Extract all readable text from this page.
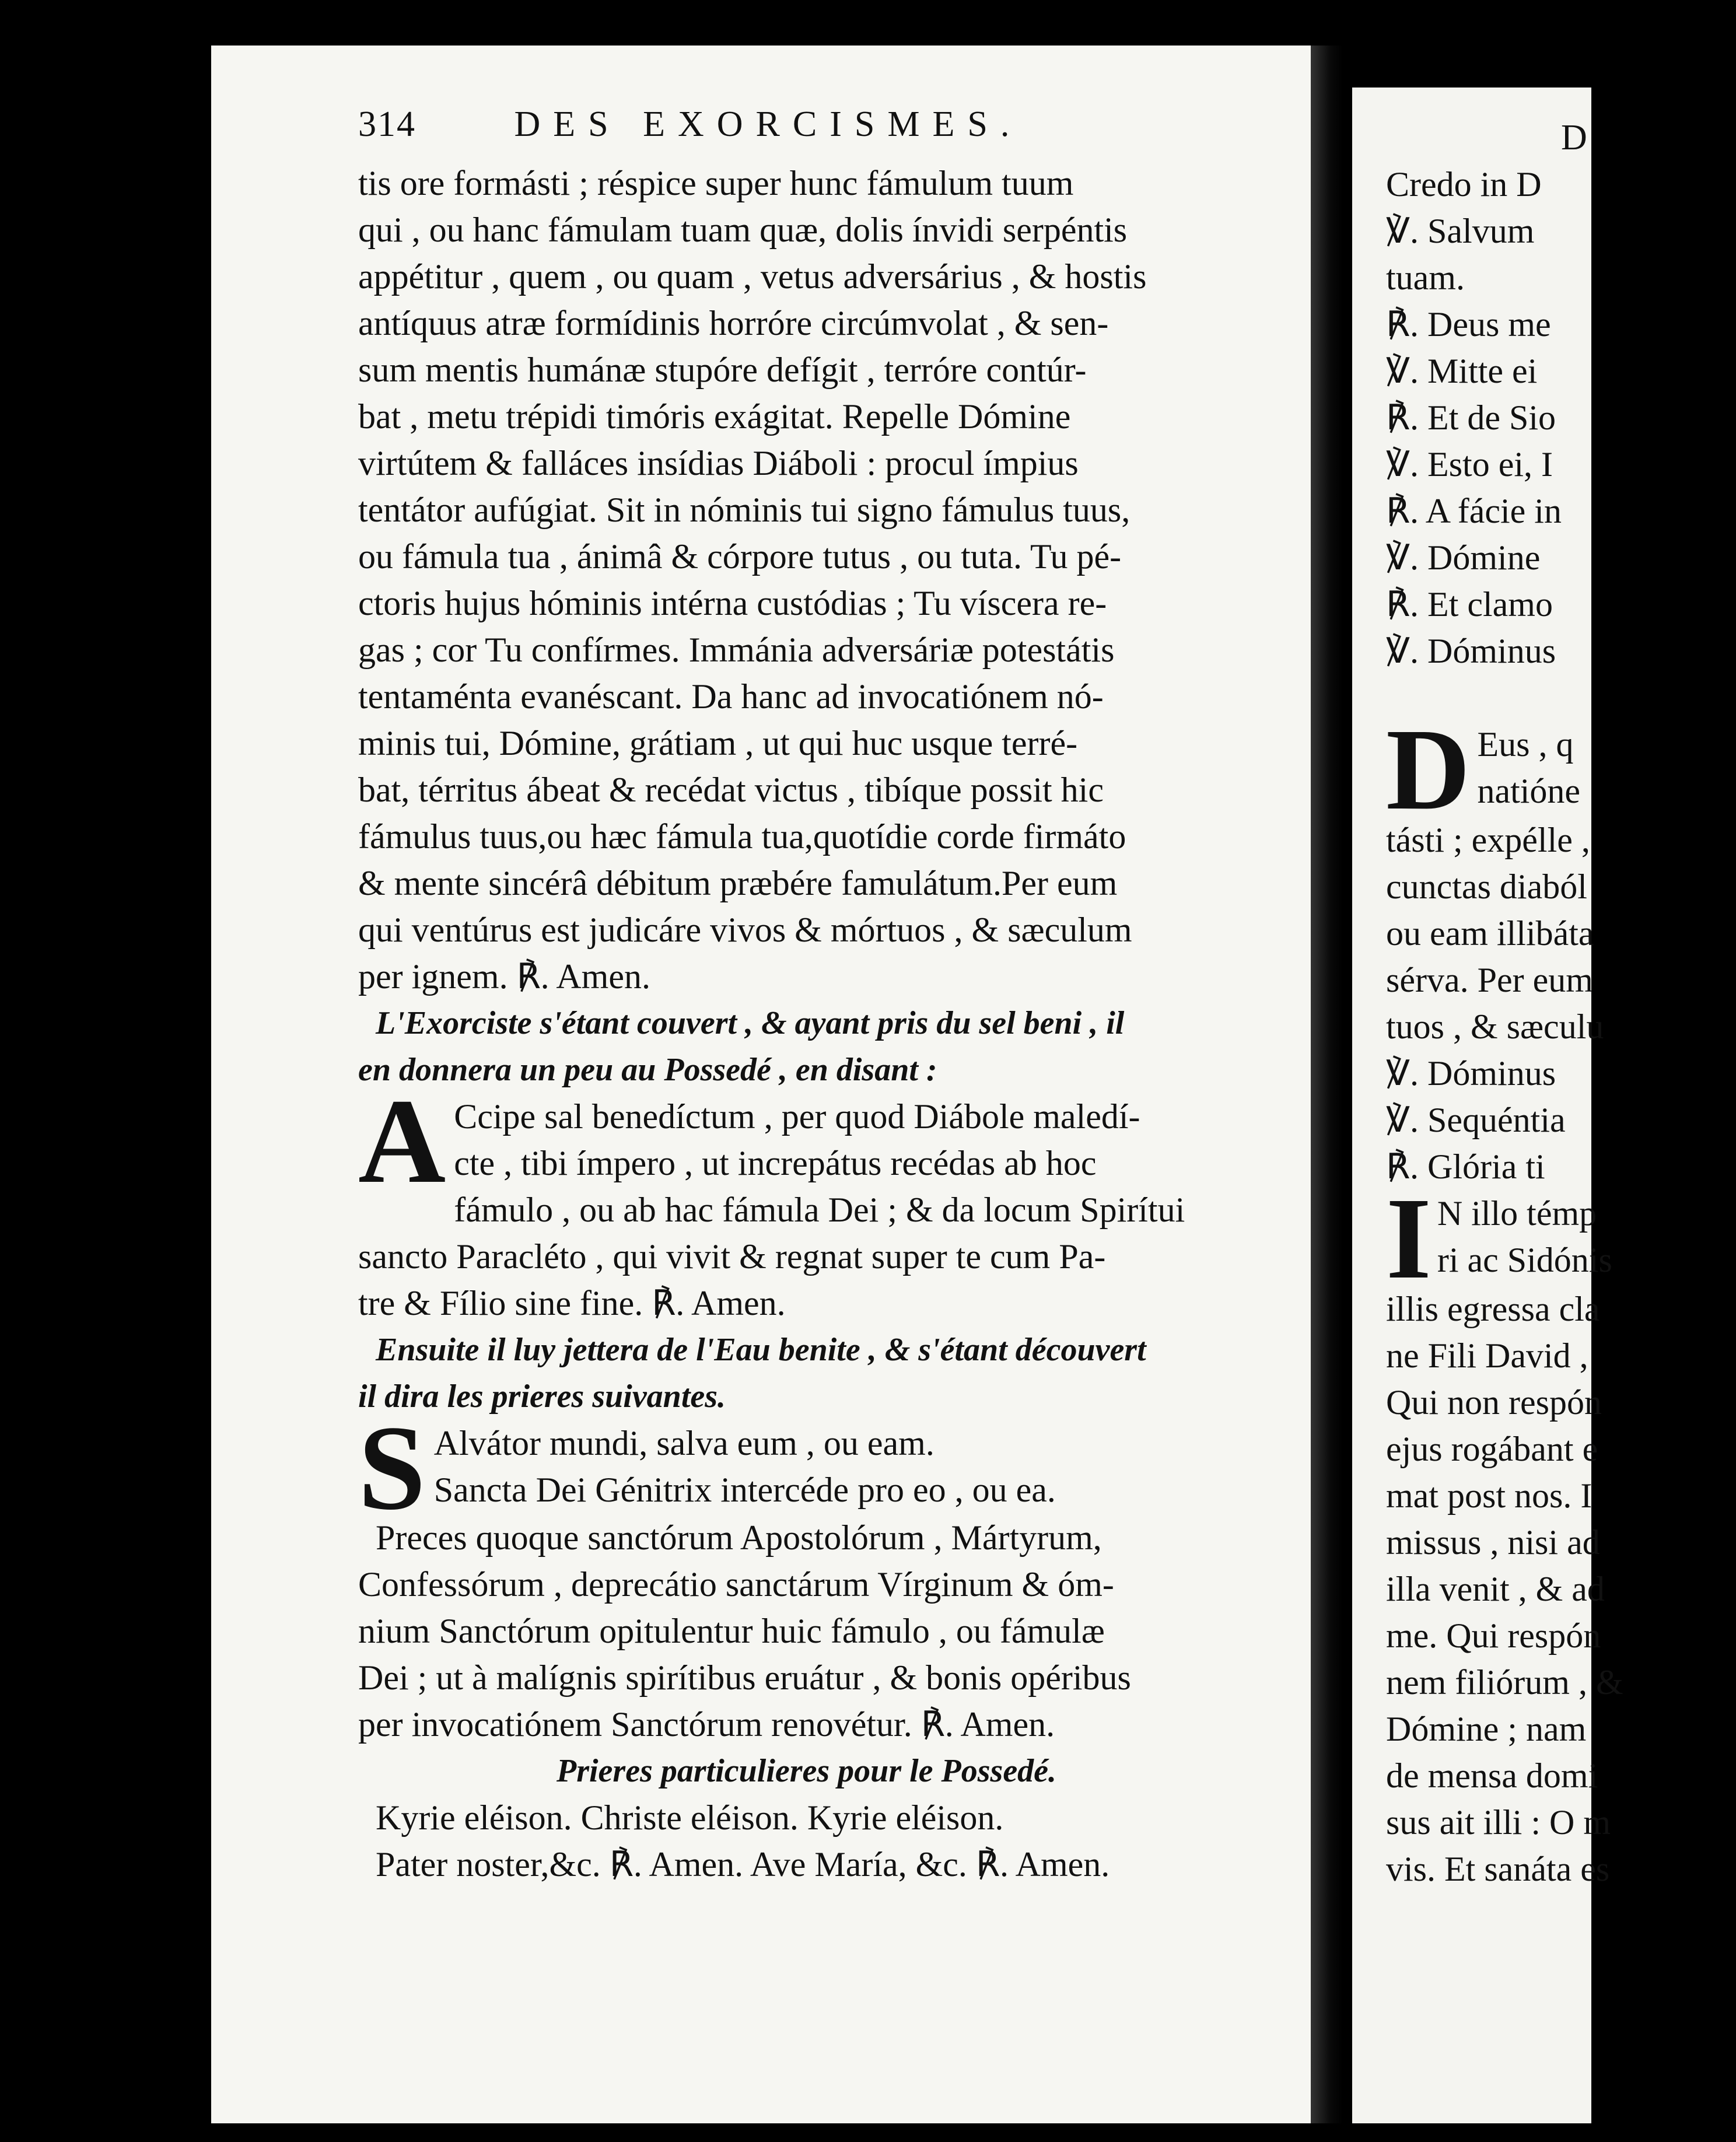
314	DES EXORCISMES.
tis ore formásti ; réspice super hunc fámulum tuum
qui , ou hanc fámulam tuam quæ, dolis ínvidi serpéntis
appétitur , quem , ou quam , vetus adversárius , & hostis
antíquus atræ formídinis horróre circúmvolat , & sen-
sum mentis humánæ stupóre defígit , terróre contúr-
bat , metu trépidi timóris exágitat. Repelle Dómine
virtútem & falláces insídias Diáboli : procul ímpius
tentátor aufúgiat. Sit in nóminis tui signo fámulus tuus,
ou fámula tua , ánimâ & córpore tutus , ou tuta. Tu pé-
ctoris hujus hóminis intérna custódias ; Tu víscera re-
gas ; cor Tu confírmes. Immánia adversáriæ potestátis
tentaménta evanéscant. Da hanc ad invocatiónem nó-
minis tui, Dómine, grátiam , ut qui huc usque terré-
bat, térritus ábeat & recédat victus , tibíque possit hic
fámulus tuus,ou hæc fámula tua,quotídie corde firmáto
& mente sincérâ débitum præbére famulátum.Per eum
qui ventúrus est judicáre vivos & mórtuos , & sæculum
per ignem. ℟. Amen.
L'Exorciste s'étant couvert , & ayant pris du sel beni , il
en donnera un peu au Possedé , en disant :
A Ccipe sal benedíctum , per quod Diábole maledí-
cte , tibi ímpero , ut increpátus recédas ab hoc
fámulo , ou ab hac fámula Dei ; & da locum Spirítui
sancto Paracléto , qui vivit & regnat super te cum Pa-
tre & Fílio sine fine. ℟. Amen.
Ensuite il luy jettera de l'Eau benite , & s'étant découvert
il dira les prieres suivantes.
S Alvátor mundi, salva eum , ou eam.
Sancta Dei Génitrix intercéde pro eo , ou ea.
Preces quoque sanctórum Apostolórum , Mártyrum,
Confessórum , deprecátio sanctárum Vírginum & óm-
nium Sanctórum opitulentur huic fámulo , ou fámulæ
Dei ; ut à malígnis spirítibus eruátur , & bonis opéribus
per invocatiónem Sanctórum renovétur. ℟. Amen.
Prieres particulieres pour le Possedé.
Kyrie eléison. Christe eléison. Kyrie eléison.
Pater noster,&c. ℟. Amen. Ave María, &c. ℟. Amen.
D
Credo in D
℣. Salvum
tuam.
℟. Deus me
℣. Mitte ei
℟. Et de Sio
℣. Esto ei, I
℟. A fácie in
℣. Dómine
℟. Et clamo
℣. Dóminus
D Eus , q
natióne
tásti ; expélle ,
cunctas diaból
ou eam illibáta
sérva. Per eum
tuos , & sæculu
℣. Dóminus
℣. Sequéntia
℟. Glória ti
I N illo témp
ri ac Sidónis
illis egressa cla
ne Fili David ,
Qui non respón
ejus rogábant e
mat post nos. I
missus , nisi ad
illa venit , & ad
me. Qui respón
nem filiórum , &
Dómine ; nam
de mensa domi
sus ait illi : O m
vis. Et sanáta es
